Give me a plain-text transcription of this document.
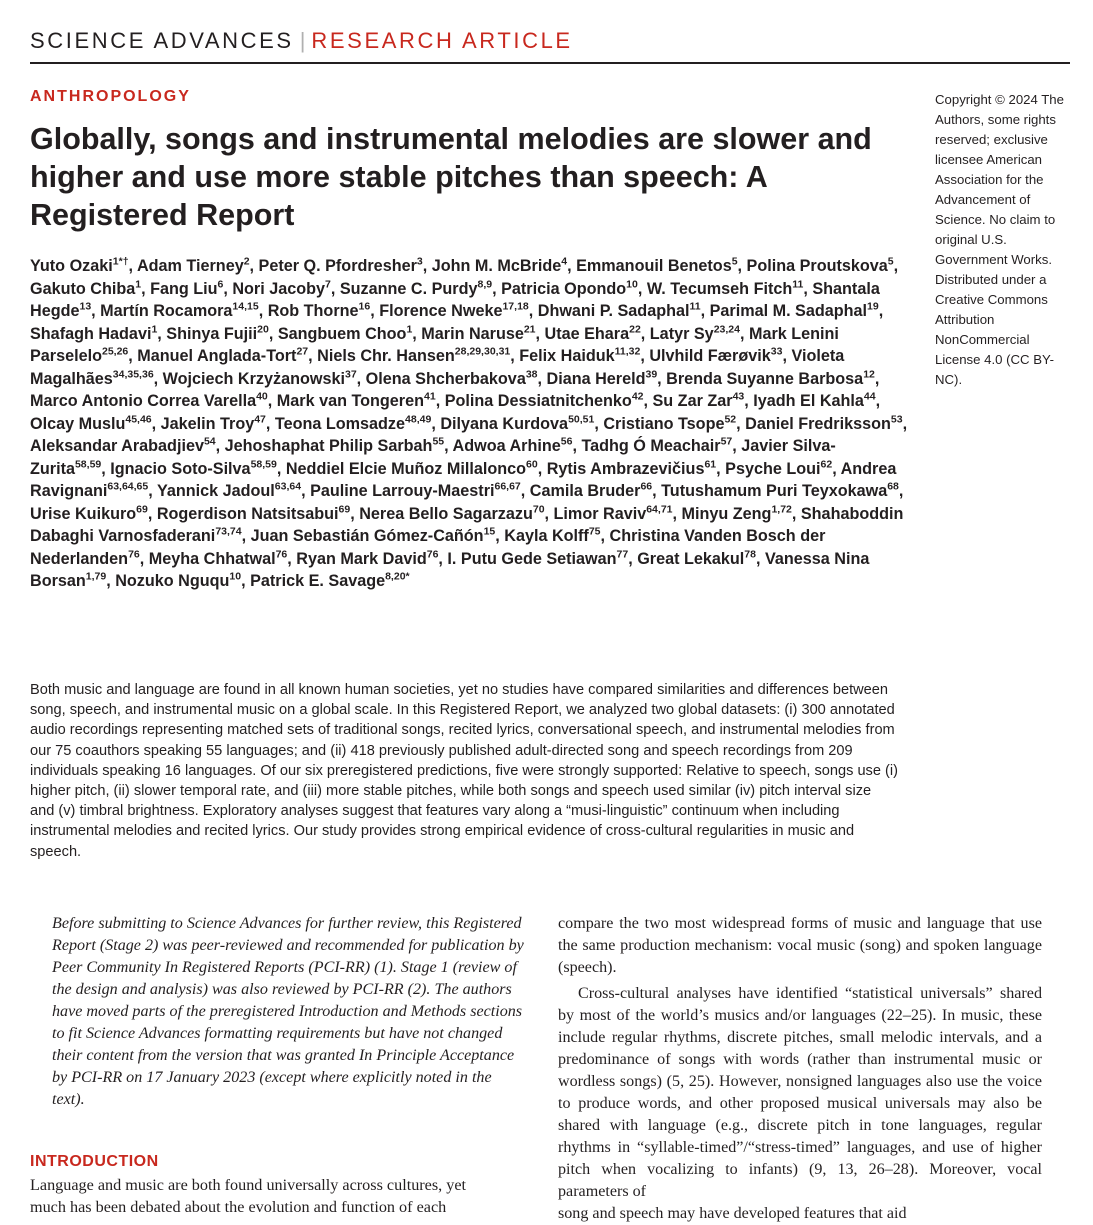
SCIENCE ADVANCES | RESEARCH ARTICLE
ANTHROPOLOGY
Globally, songs and instrumental melodies are slower and higher and use more stable pitches than speech: A Registered Report
Copyright © 2024 The Authors, some rights reserved; exclusive licensee American Association for the Advancement of Science. No claim to original U.S. Government Works. Distributed under a Creative Commons Attribution NonCommercial License 4.0 (CC BY-NC).
Yuto Ozaki$^{1*\dagger}$, Adam Tierney$^2$, Peter Q. Pfordresher$^3$, John M. McBride$^4$, Emmanouil Benetos$^5$, Polina Proutskova$^5$, Gakuto Chiba$^1$, Fang Liu$^6$, Nori Jacoby$^7$, Suzanne C. Purdy$^{8,9}$, Patricia Opondo$^{10}$, W. Tecumseh Fitch$^{11}$, Shantala Hegde$^{13}$, Martín Rocamora$^{14,15}$, Rob Thorne$^{16}$, Florence Nweke$^{17,18}$, Dhwani P. Sadaphal$^{11}$, Parimal M. Sadaphal$^{19}$, Shafagh Hadavi$^1$, Shinya Fujii$^{20}$, Sangbuem Choo$^1$, Marin Naruse$^{21}$, Utae Ehara$^{22}$, Latyr Sy$^{23,24}$, Mark Lenini Parselelo$^{25,26}$, Manuel Anglada-Tort$^{27}$, Niels Chr. Hansen$^{28,29,30,31}$, Felix Haiduk$^{11,32}$, Ulvhild Færøvik$^{33}$, Violeta Magalhães$^{34,35,36}$, Wojciech Krzyżanowski$^{37}$, Olena Shcherbakova$^{38}$, Diana Hereld$^{39}$, Brenda Suyanne Barbosa$^{12}$, Marco Antonio Correa Varella$^{40}$, Mark van Tongeren$^{41}$, Polina Dessiatnitchenko$^{42}$, Su Zar Zar$^{43}$, Iyadh El Kahla$^{44}$, Olcay Muslu$^{45,46}$, Jakelin Troy$^{47}$, Teona Lomsadze$^{48,49}$, Dilyana Kurdova$^{50,51}$, Cristiano Tsope$^{52}$, Daniel Fredriksson$^{53}$, Aleksandar Arabadjiev$^{54}$, Jehoshaphat Philip Sarbah$^{55}$, Adwoa Arhine$^{56}$, Tadhg Ó Meachair$^{57}$, Javier Silva-Zurita$^{58,59}$, Ignacio Soto-Silva$^{58,59}$, Neddiel Elcie Muñoz Millalonco$^{60}$, Rytis Ambrazevičius$^{61}$, Psyche Loui$^{62}$, Andrea Ravignani$^{63,64,65}$, Yannick Jadoul$^{63,64}$, Pauline Larrouy-Maestri$^{66,67}$, Camila Bruder$^{66}$, Tutushamum Puri Teyxokawa$^{68}$, Urise Kuikuro$^{69}$, Rogerdison Natsitsabui$^{69}$, Nerea Bello Sagarzazu$^{70}$, Limor Raviv$^{64,71}$, Minyu Zeng$^{1,72}$, Shahaboddin Dabaghi Varnosfaderani$^{73,74}$, Juan Sebastián Gómez-Cañón$^{15}$, Kayla Kolff$^{75}$, Christina Vanden Bosch der Nederlanden$^{76}$, Meyha Chhatwal$^{76}$, Ryan Mark David$^{76}$, I. Putu Gede Setiawan$^{77}$, Great Lekakul$^{78}$, Vanessa Nina Borsan$^{1,79}$, Nozuko Nguqu$^{10}$, Patrick E. Savage$^{8,20*}$
Both music and language are found in all known human societies, yet no studies have compared similarities and differences between song, speech, and instrumental music on a global scale. In this Registered Report, we analyzed two global datasets: (i) 300 annotated audio recordings representing matched sets of traditional songs, recited lyrics, conversational speech, and instrumental melodies from our 75 coauthors speaking 55 languages; and (ii) 418 previously published adult-directed song and speech recordings from 209 individuals speaking 16 languages. Of our six preregistered predictions, five were strongly supported: Relative to speech, songs use (i) higher pitch, (ii) slower temporal rate, and (iii) more stable pitches, while both songs and speech used similar (iv) pitch interval size and (v) timbral brightness. Exploratory analyses suggest that features vary along a “musi-linguistic” continuum when including instrumental melodies and recited lyrics. Our study provides strong empirical evidence of cross-cultural regularities in music and speech.
Before submitting to Science Advances for further review, this Registered Report (Stage 2) was peer-reviewed and recommended for publication by Peer Community In Registered Reports (PCI-RR) (1). Stage 1 (review of the design and analysis) was also reviewed by PCI-RR (2). The authors have moved parts of the preregistered Introduction and Methods sections to fit Science Advances formatting requirements but have not changed their content from the version that was granted In Principle Acceptance by PCI-RR on 17 January 2023 (except where explicitly noted in the text).
INTRODUCTION
Language and music are both found universally across cultures, yet
much has been debated about the evolution and function of each

compare the two most widespread forms of music and language that use the same production mechanism: vocal music (song) and spoken language (speech).

Cross-cultural analyses have identified “statistical universals” shared by most of the world’s musics and/or languages (22–25). In music, these include regular rhythms, discrete pitches, small melodic intervals, and a predominance of songs with words (rather than instrumental music or wordless songs) (5, 25). However, nonsigned languages also use the voice to produce words, and other proposed musical universals may also be shared with language (e.g., discrete pitch in tone languages, regular rhythms in “syllable-timed”/“stress-timed” languages, and use of higher pitch when vocalizing to infants) (9, 13, 26–28). Moreover, vocal parameters of

song and speech may have developed features that aid
